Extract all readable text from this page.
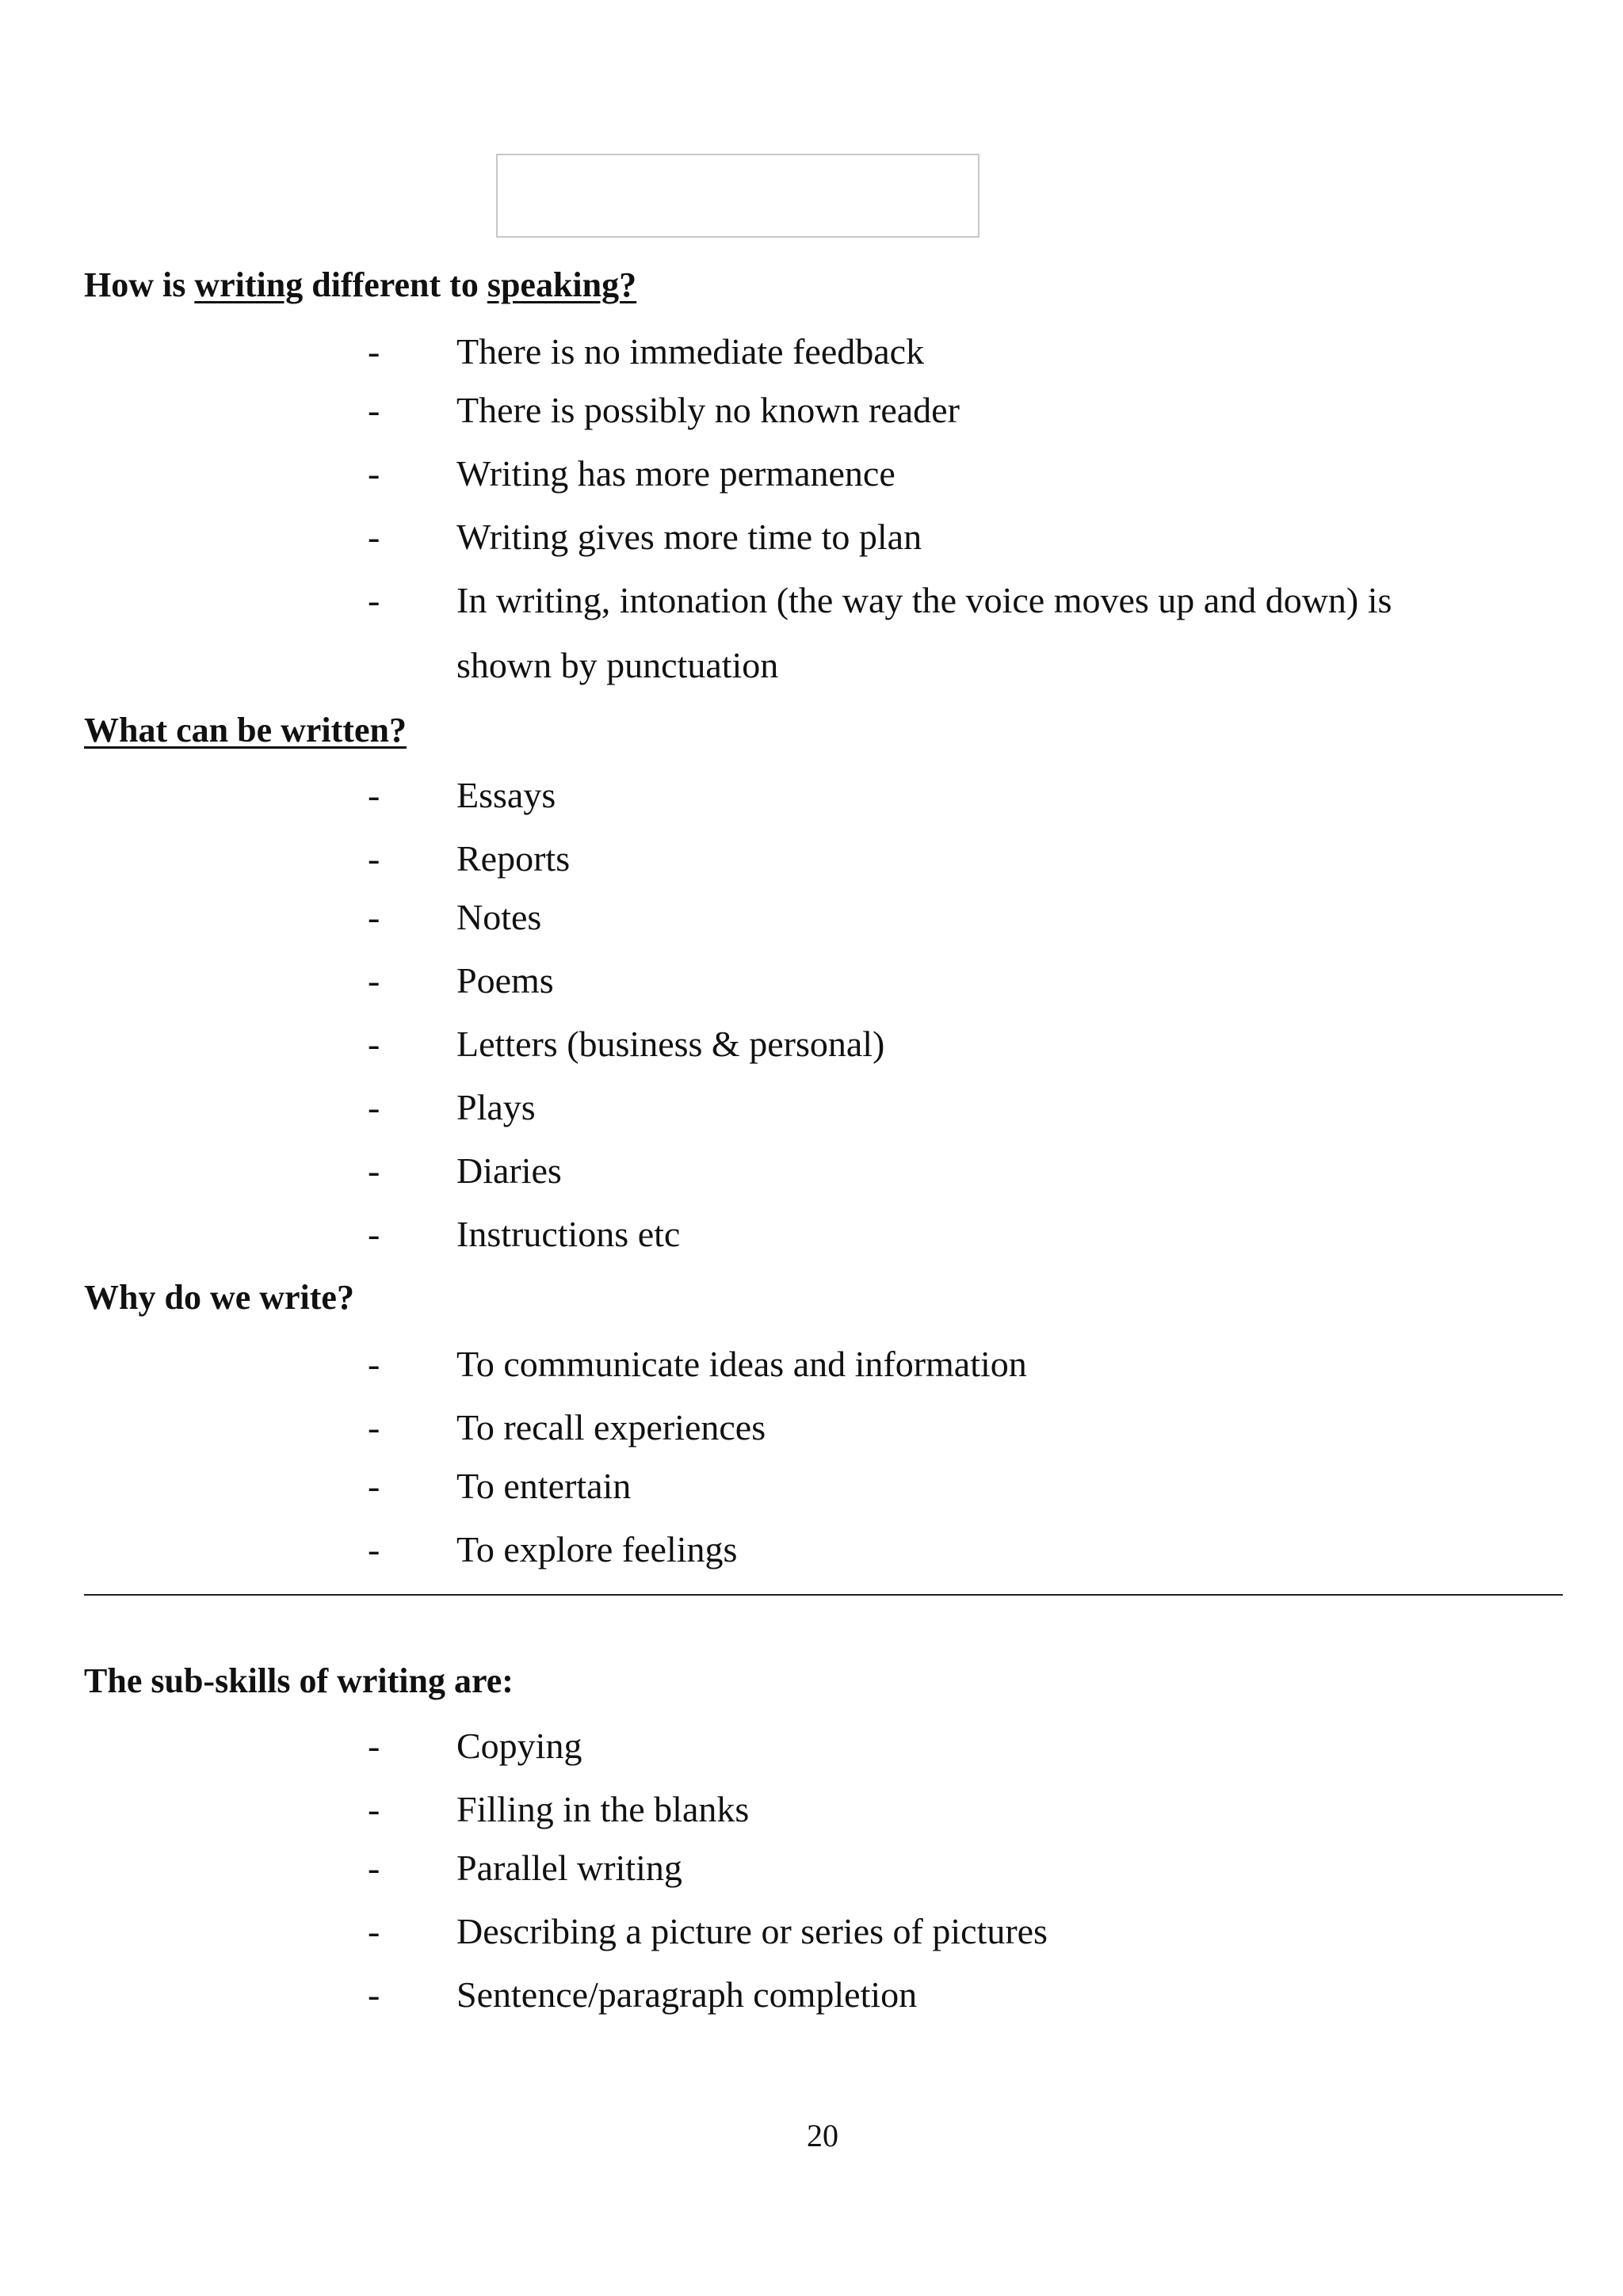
How is writing different to speaking?
- There is no immediate feedback
- There is possibly no known reader
- Writing has more permanence
- Writing gives more time to plan
- In writing, intonation (the way the voice moves up and down) is
shown by punctuation
What can be written?
- Essays
- Reports
- Notes
- Poems
- Letters (business & personal)
- Plays
- Diaries
- Instructions etc
Why do we write?
- To communicate ideas and information
- To recall experiences
- To entertain
- To explore feelings
The sub-skills of writing are:
- Copying
- Filling in the blanks
- Parallel writing
- Describing a picture or series of pictures
- Sentence/paragraph completion
20
